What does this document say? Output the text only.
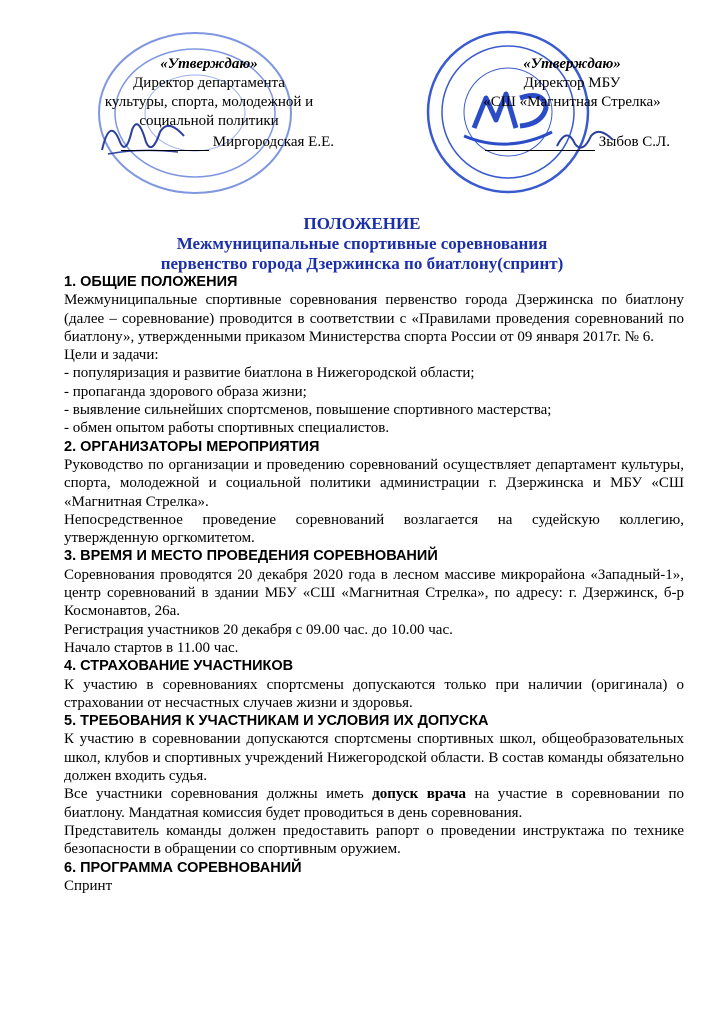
«Утверждаю»
Директор департамента
культуры, спорта, молодежной и
социальной политики
Миргородская Е.Е.
«Утверждаю»
Директор МБУ
«СШ «Магнитная Стрелка»
Зыбов С.Л.
ПОЛОЖЕНИЕ
Межмуниципальные спортивные соревнования
первенство города Дзержинска по биатлону(спринт)

1. ОБЩИЕ ПОЛОЖЕНИЯ

Межмуниципальные спортивные соревнования первенство города Дзержинска по биатлону (далее – соревнование) проводится в соответствии с «Правилами проведения соревнований по биатлону», утвержденными приказом Министерства спорта России от 09 января 2017г. № 6.

Цели и задачи:

- популяризация и развитие биатлона в Нижегородской области;

- пропаганда здорового образа жизни;

- выявление сильнейших спортсменов, повышение спортивного мастерства;

- обмен опытом работы спортивных специалистов.

2. ОРГАНИЗАТОРЫ МЕРОПРИЯТИЯ

Руководство по организации и проведению соревнований осуществляет департамент культуры, спорта, молодежной и социальной политики администрации г. Дзержинска и МБУ «СШ «Магнитная Стрелка».

Непосредственное проведение соревнований возлагается на судейскую коллегию, утвержденную оргкомитетом.

3. ВРЕМЯ И МЕСТО ПРОВЕДЕНИЯ СОРЕВНОВАНИЙ

Соревнования проводятся 20 декабря 2020 года в лесном массиве микрорайона «Западный-1», центр соревнований в здании МБУ «СШ «Магнитная Стрелка», по адресу: г. Дзержинск, б-р Космонавтов, 26а.

Регистрация участников 20 декабря с 09.00 час. до 10.00 час.

Начало стартов в 11.00 час.

4. СТРАХОВАНИЕ УЧАСТНИКОВ

К участию в соревнованиях спортсмены допускаются только при наличии (оригинала) о страховании от несчастных случаев жизни и здоровья.

5. ТРЕБОВАНИЯ К УЧАСТНИКАМ И УСЛОВИЯ ИХ ДОПУСКА

К участию в соревновании допускаются спортсмены спортивных школ, общеобразовательных школ, клубов и спортивных учреждений Нижегородской области. В состав команды обязательно должен входить судья.

Все участники соревнования должны иметь допуск врача на участие в соревновании по биатлону. Мандатная комиссия будет проводиться в день соревнования.

Представитель команды должен предоставить рапорт о проведении инструктажа по технике безопасности в обращении со спортивным оружием.

6. ПРОГРАММА СОРЕВНОВАНИЙ

Спринт
